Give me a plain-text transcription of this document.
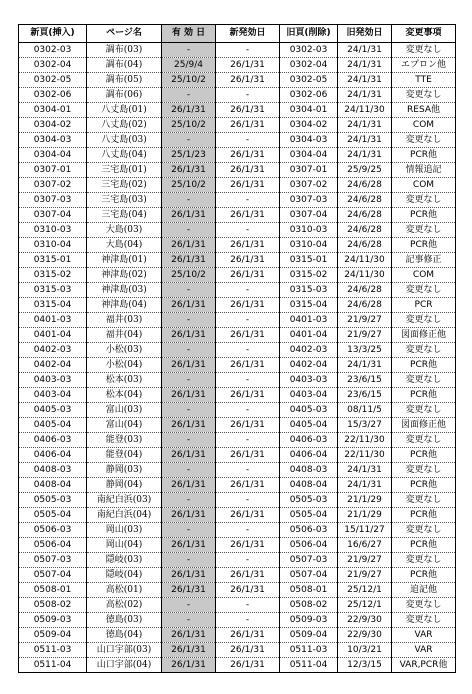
新頁(挿入)	ページ名	有 効 日	新発効日	旧頁(削除)	旧発効日	変更事項
0302-03	調布(03)	-	-	0302-03	24/1/31	変更なし
0302-04	調布(04)	25/9/4	26/1/31	0302-04	24/1/31	エプロン他
0302-05	調布(05)	25/10/2	26/1/31	0302-05	24/1/31	TTE
0302-06	調布(06)	-	-	0302-06	24/1/31	変更なし
0304-01	八丈島(01)	26/1/31	26/1/31	0304-01	24/11/30	RESA他
0304-02	八丈島(02)	25/10/2	26/1/31	0304-02	24/1/31	COM
0304-03	八丈島(03)	-	-	0304-03	24/1/31	変更なし
0304-04	八丈島(04)	25/1/23	26/1/31	0304-04	24/1/31	PCR他
0307-01	三宅島(01)	26/1/31	26/1/31	0307-01	25/9/25	情報追記
0307-02	三宅島(02)	25/10/2	26/1/31	0307-02	24/6/28	COM
0307-03	三宅島(03)	-	-	0307-03	24/6/28	変更なし
0307-04	三宅島(04)	26/1/31	26/1/31	0307-04	24/6/28	PCR他
0310-03	大島(03)	-	-	0310-03	24/6/28	変更なし
0310-04	大島(04)	26/1/31	26/1/31	0310-04	24/6/28	PCR他
0315-01	神津島(01)	26/1/31	26/1/31	0315-01	24/11/30	記事修正
0315-02	神津島(02)	25/10/2	26/1/31	0315-02	24/11/30	COM
0315-03	神津島(03)	-	-	0315-03	24/6/28	変更なし
0315-04	神津島(04)	26/1/31	26/1/31	0315-04	24/6/28	PCR
0401-03	福井(03)	-	-	0401-03	21/9/27	変更なし
0401-04	福井(04)	26/1/31	26/1/31	0401-04	21/9/27	図面修正他
0402-03	小松(03)	-	-	0402-03	13/3/25	変更なし
0402-04	小松(04)	26/1/31	26/1/31	0402-04	24/1/31	PCR他
0403-03	松本(03)	-	-	0403-03	23/6/15	変更なし
0403-04	松本(04)	26/1/31	26/1/31	0403-04	23/6/15	PCR他
0405-03	富山(03)	-	-	0405-03	08/11/5	変更なし
0405-04	富山(04)	26/1/31	26/1/31	0405-04	15/3/27	図面修正他
0406-03	能登(03)	-	-	0406-03	22/11/30	変更なし
0406-04	能登(04)	26/1/31	26/1/31	0406-04	22/11/30	PCR他
0408-03	静岡(03)	-	-	0408-03	24/1/31	変更なし
0408-04	静岡(04)	26/1/31	26/1/31	0408-04	24/1/31	PCR他
0505-03	南紀白浜(03)	-	-	0505-03	21/1/29	変更なし
0505-04	南紀白浜(04)	26/1/31	26/1/31	0505-04	21/1/29	PCR他
0506-03	岡山(03)	-	-	0506-03	15/11/27	変更なし
0506-04	岡山(04)	26/1/31	26/1/31	0506-04	16/6/27	PCR他
0507-03	隠岐(03)	-	-	0507-03	21/9/27	変更なし
0507-04	隠岐(04)	26/1/31	26/1/31	0507-04	21/9/27	PCR他
0508-01	高松(01)	26/1/31	26/1/31	0508-01	25/12/1	追記他
0508-02	高松(02)	-	-	0508-02	25/12/1	変更なし
0509-03	徳島(03)	-	-	0509-03	22/9/30	変更なし
0509-04	徳島(04)	26/1/31	26/1/31	0509-04	22/9/30	VAR
0511-03	山口宇部(03)	26/1/31	26/1/31	0511-03	10/3/21	VAR
0511-04	山口宇部(04)	26/1/31	26/1/31	0511-04	12/3/15	VAR,PCR他
